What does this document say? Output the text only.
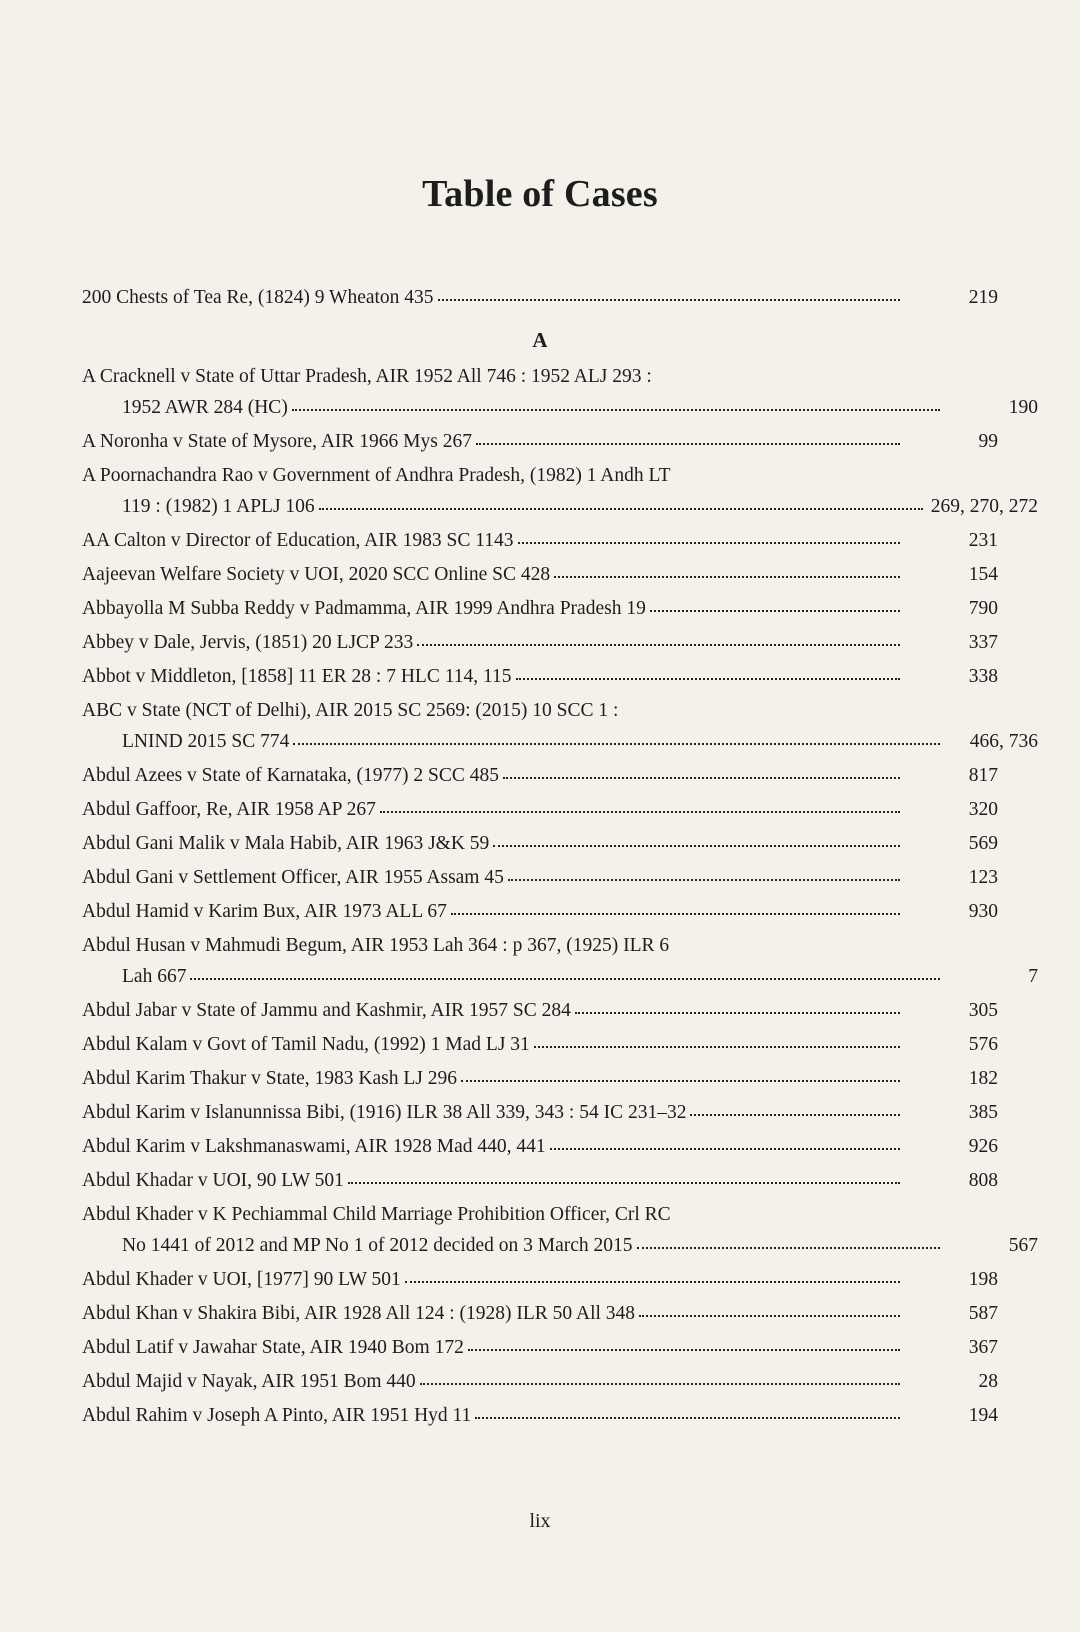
Table of Cases
200 Chests of Tea Re, (1824) 9 Wheaton 435	219
A
A Cracknell v State of Uttar Pradesh, AIR 1952 All 746 : 1952 ALJ 293 :
1952 AWR 284 (HC)	190
A Noronha v State of Mysore, AIR 1966 Mys 267	99
A Poornachandra Rao v Government of Andhra Pradesh, (1982) 1 Andh LT
119 : (1982) 1 APLJ 106	269, 270, 272
AA Calton v Director of Education, AIR 1983 SC 1143	231
Aajeevan Welfare Society v UOI, 2020 SCC Online SC 428	154
Abbayolla M Subba Reddy v Padmamma, AIR 1999 Andhra Pradesh 19	790
Abbey v Dale, Jervis, (1851) 20 LJCP 233	337
Abbot v Middleton, [1858] 11 ER 28 : 7 HLC 114, 115	338
ABC v State (NCT of Delhi), AIR 2015 SC 2569: (2015) 10 SCC 1 :
LNIND 2015 SC 774	466, 736
Abdul Azees v State of Karnataka, (1977) 2 SCC 485	817
Abdul Gaffoor, Re, AIR 1958 AP 267	320
Abdul Gani Malik v Mala Habib, AIR 1963 J&K 59	569
Abdul Gani v Settlement Officer, AIR 1955 Assam 45	123
Abdul Hamid v Karim Bux, AIR 1973 ALL 67	930
Abdul Husan v Mahmudi Begum, AIR 1953 Lah 364 : p 367, (1925) ILR 6
Lah 667	7
Abdul Jabar v State of Jammu and Kashmir, AIR 1957 SC 284	305
Abdul Kalam v Govt of Tamil Nadu, (1992) 1 Mad LJ 31	576
Abdul Karim Thakur v State, 1983 Kash LJ 296	182
Abdul Karim v Islanunnissa Bibi, (1916) ILR 38 All 339, 343 : 54 IC 231–32	385
Abdul Karim v Lakshmanaswami, AIR 1928 Mad 440, 441	926
Abdul Khadar v UOI, 90 LW 501	808
Abdul Khader v K Pechiammal Child Marriage Prohibition Officer, Crl RC
No 1441 of 2012 and MP No 1 of 2012 decided on 3 March 2015	567
Abdul Khader v UOI, [1977] 90 LW 501	198
Abdul Khan v Shakira Bibi, AIR 1928 All 124 : (1928) ILR 50 All 348	587
Abdul Latif v Jawahar State, AIR 1940 Bom 172	367
Abdul Majid v Nayak, AIR 1951 Bom 440	28
Abdul Rahim v Joseph A Pinto, AIR 1951 Hyd 11	194
lix
